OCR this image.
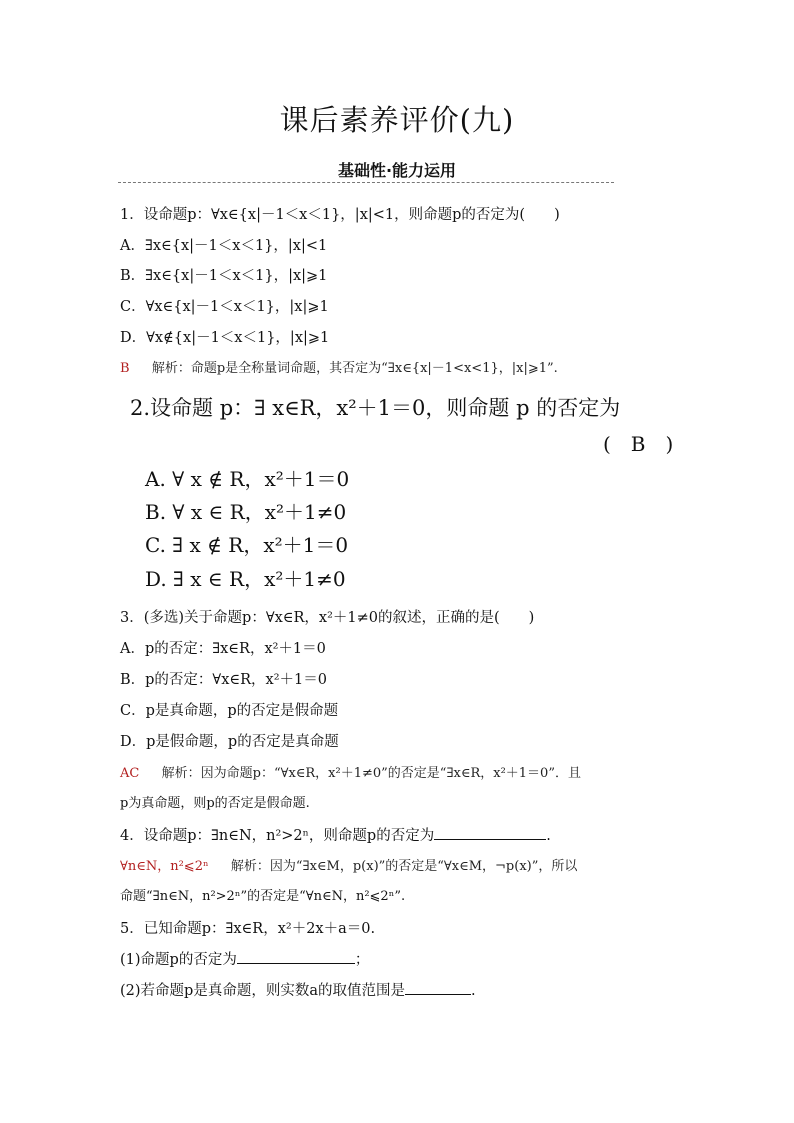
课后素养评价(九)
基础性·能力运用
1．设命题p：∀x∈{x|－1＜x＜1}，|x|<1，则命题p的否定为(　　)
A．∃x∈{x|－1＜x＜1}，|x|<1
B．∃x∈{x|－1＜x＜1}，|x|⩾1
C．∀x∈{x|－1＜x＜1}，|x|⩾1
D．∀x∉{x|－1＜x＜1}，|x|⩾1
B 解析：命题p是全称量词命题，其否定为“∃x∈{x|－1<x<1}，|x|⩾1”.
2.设命题 p：∃ x∈R，x²＋1＝0，则命题 p 的否定为
(　B　)
A. ∀ x ∉ R，x²＋1＝0
B. ∀ x ∈ R，x²＋1≠0
C. ∃ x ∉ R，x²＋1＝0
D. ∃ x ∈ R，x²＋1≠0
3．(多选)关于命题p：∀x∈R，x²＋1≠0的叙述，正确的是(　　)
A．p的否定：∃x∈R，x²＋1＝0
B．p的否定：∀x∈R，x²＋1＝0
C．p是真命题，p的否定是假命题
D．p是假命题，p的否定是真命题
AC 解析：因为命题p：“∀x∈R，x²＋1≠0”的否定是“∃x∈R，x²＋1＝0”．且
p为真命题，则p的否定是假命题.
4．设命题p：∃n∈N，n²>2ⁿ，则命题p的否定为	.
∀n∈N，n²⩽2ⁿ 解析：因为“∃x∈M，p(x)”的否定是“∀x∈M，¬p(x)”，所以
命题“∃n∈N，n²>2ⁿ”的否定是“∀n∈N，n²⩽2ⁿ”.
5．已知命题p：∃x∈R，x²＋2x＋a＝0.
(1)命题p的否定为	；
(2)若命题p是真命题，则实数a的取值范围是	.
